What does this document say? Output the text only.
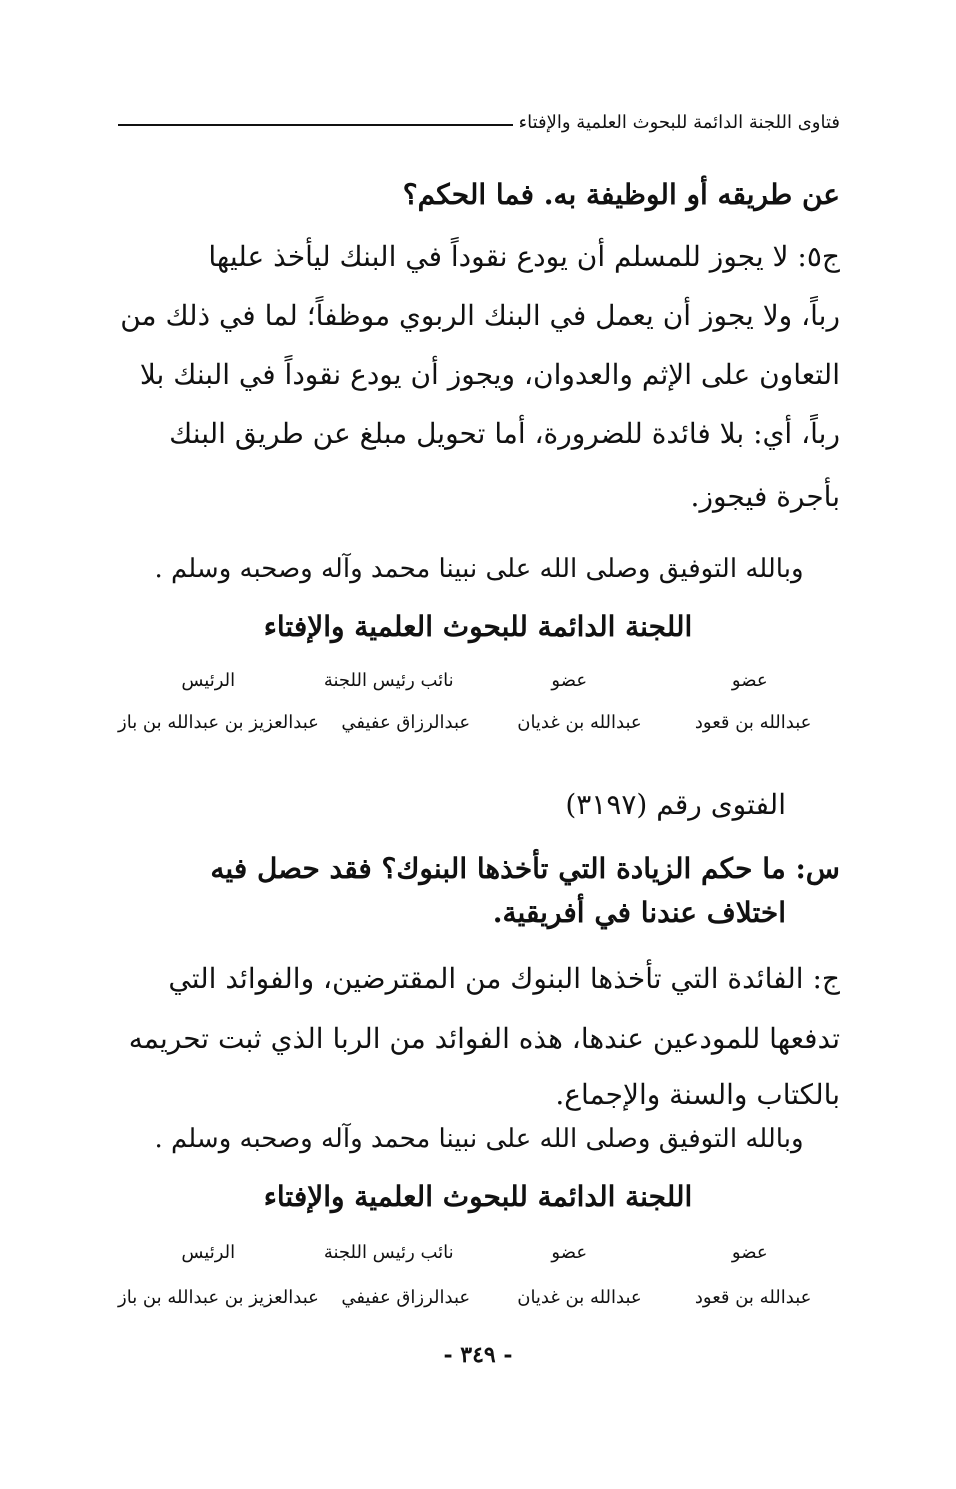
فتاوى اللجنة الدائمة للبحوث العلمية والإفتاء
عن طريقه أو الوظيفة به. فما الحكم؟
ج٥: لا يجوز للمسلم أن يودع نقوداً في البنك ليأخذ عليها
رباً، ولا يجوز أن يعمل في البنك الربوي موظفاً؛ لما في ذلك من
التعاون على الإثم والعدوان، ويجوز أن يودع نقوداً في البنك بلا
رباً، أي: بلا فائدة للضرورة، أما تحويل مبلغ عن طريق البنك
بأجرة فيجوز.
وبالله التوفيق وصلى الله على نبينا محمد وآله وصحبه وسلم .
اللجنة الدائمة للبحوث العلمية والإفتاء
عضو
عضو
نائب رئيس اللجنة
الرئيس
عبدالله بن قعود
عبدالله بن غديان
عبدالرزاق عفيفي
عبدالعزيز بن عبدالله بن باز
الفتوى رقم (٣١٩٧)
س: ما حكم الزيادة التي تأخذها البنوك؟ فقد حصل فيه
اختلاف عندنا في أفريقية.
ج: الفائدة التي تأخذها البنوك من المقترضين، والفوائد التي
تدفعها للمودعين عندها، هذه الفوائد من الربا الذي ثبت تحريمه
بالكتاب والسنة والإجماع.
وبالله التوفيق وصلى الله على نبينا محمد وآله وصحبه وسلم .
اللجنة الدائمة للبحوث العلمية والإفتاء
عضو
عضو
نائب رئيس اللجنة
الرئيس
عبدالله بن قعود
عبدالله بن غديان
عبدالرزاق عفيفي
عبدالعزيز بن عبدالله بن باز
- ٣٤٩ -
